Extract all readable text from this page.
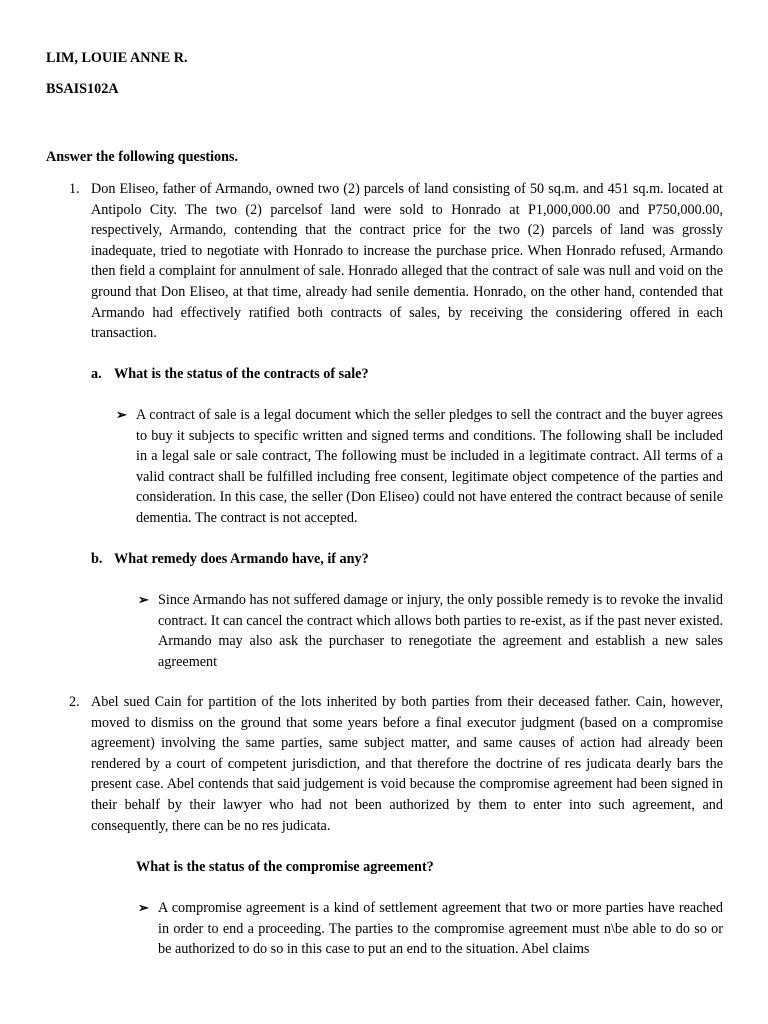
LIM, LOUIE ANNE R.
BSAIS102A
Answer the following questions.
1. Don Eliseo, father of Armando, owned two (2) parcels of land consisting of 50 sq.m. and 451 sq.m. located at Antipolo City. The two (2) parcelsof land were sold to Honrado at P1,000,000.00 and P750,000.00, respectively, Armando, contending that the contract price for the two (2) parcels of land was grossly inadequate, tried to negotiate with Honrado to increase the purchase price. When Honrado refused, Armando then field a complaint for annulment of sale. Honrado alleged that the contract of sale was null and void on the ground that Don Eliseo, at that time, already had senile dementia. Honrado, on the other hand, contended that Armando had effectively ratified both contracts of sales, by receiving the considering offered in each transaction.
a. What is the status of the contracts of sale?
➢ A contract of sale is a legal document which the seller pledges to sell the contract and the buyer agrees to buy it subjects to specific written and signed terms and conditions. The following shall be included in a legal sale or sale contract, The following must be included in a legitimate contract. All terms of a valid contract shall be fulfilled including free consent, legitimate object competence of the parties and consideration. In this case, the seller (Don Eliseo) could not have entered the contract because of senile dementia. The contract is not accepted.
b. What remedy does Armando have, if any?
➢ Since Armando has not suffered damage or injury, the only possible remedy is to revoke the invalid contract. It can cancel the contract which allows both parties to re-exist, as if the past never existed. Armando may also ask the purchaser to renegotiate the agreement and establish a new sales agreement
2. Abel sued Cain for partition of the lots inherited by both parties from their deceased father. Cain, however, moved to dismiss on the ground that some years before a final executor judgment (based on a compromise agreement) involving the same parties, same subject matter, and same causes of action had already been rendered by a court of competent jurisdiction, and that therefore the doctrine of res judicata dearly bars the present case. Abel contends that said judgement is void because the compromise agreement had been signed in their behalf by their lawyer who had not been authorized by them to enter into such agreement, and consequently, there can be no res judicata.
What is the status of the compromise agreement?
➢ A compromise agreement is a kind of settlement agreement that two or more parties have reached in order to end a proceeding. The parties to the compromise agreement must n\be able to do so or be authorized to do so in this case to put an end to the situation. Abel claims
